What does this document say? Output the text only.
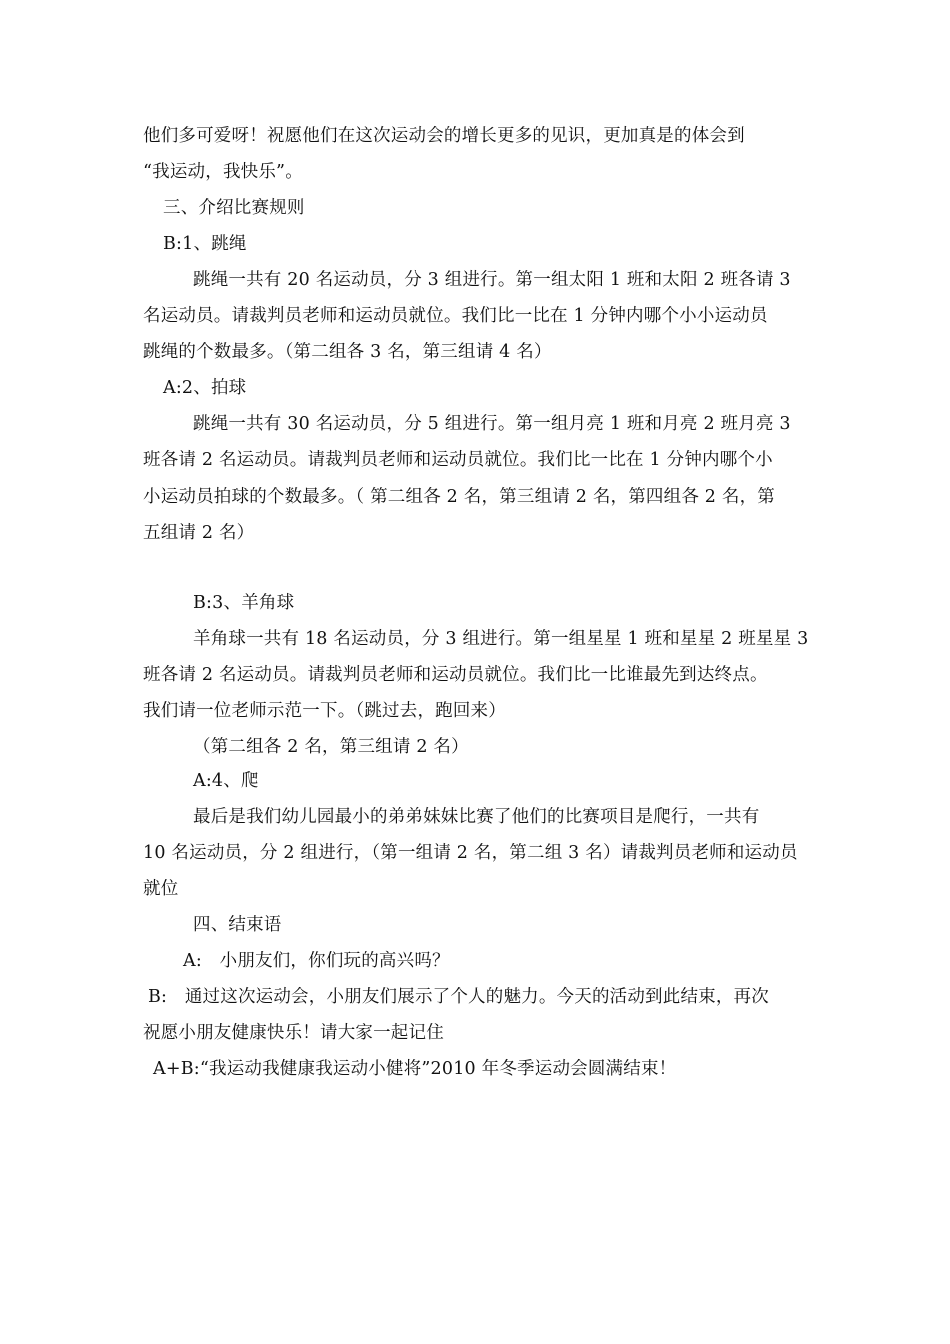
他们多可爱呀！祝愿他们在这次运动会的增长更多的见识，更加真是的体会到
“我运动，我快乐”。
三、介绍比赛规则
B:1、跳绳
跳绳一共有 20 名运动员，分 3 组进行。第一组太阳 1 班和太阳 2 班各请 3
名运动员。请裁判员老师和运动员就位。我们比一比在 1 分钟内哪个小小运动员
跳绳的个数最多。（第二组各 3 名，第三组请 4 名）
A:2、拍球
跳绳一共有 30 名运动员，分 5 组进行。第一组月亮 1 班和月亮 2 班月亮 3
班各请 2 名运动员。请裁判员老师和运动员就位。我们比一比在 1 分钟内哪个小
小运动员拍球的个数最多。（ 第二组各 2 名，第三组请 2 名，第四组各 2 名，第
五组请 2 名）
B:3、羊角球
羊角球一共有 18 名运动员，分 3 组进行。第一组星星 1 班和星星 2 班星星 3
班各请 2 名运动员。请裁判员老师和运动员就位。我们比一比谁最先到达终点。
我们请一位老师示范一下。（跳过去，跑回来）
（第二组各 2 名，第三组请 2 名）
A:4、爬
最后是我们幼儿园最小的弟弟妹妹比赛了他们的比赛项目是爬行，一共有
10 名运动员，分 2 组进行，（第一组请 2 名，第二组 3 名）请裁判员老师和运动员
就位
四、结束语
A:　小朋友们，你们玩的高兴吗？
B:　通过这次运动会，小朋友们展示了个人的魅力。今天的活动到此结束，再次
祝愿小朋友健康快乐！请大家一起记住
A+B:“我运动我健康我运动小健将”2010 年冬季运动会圆满结束！
